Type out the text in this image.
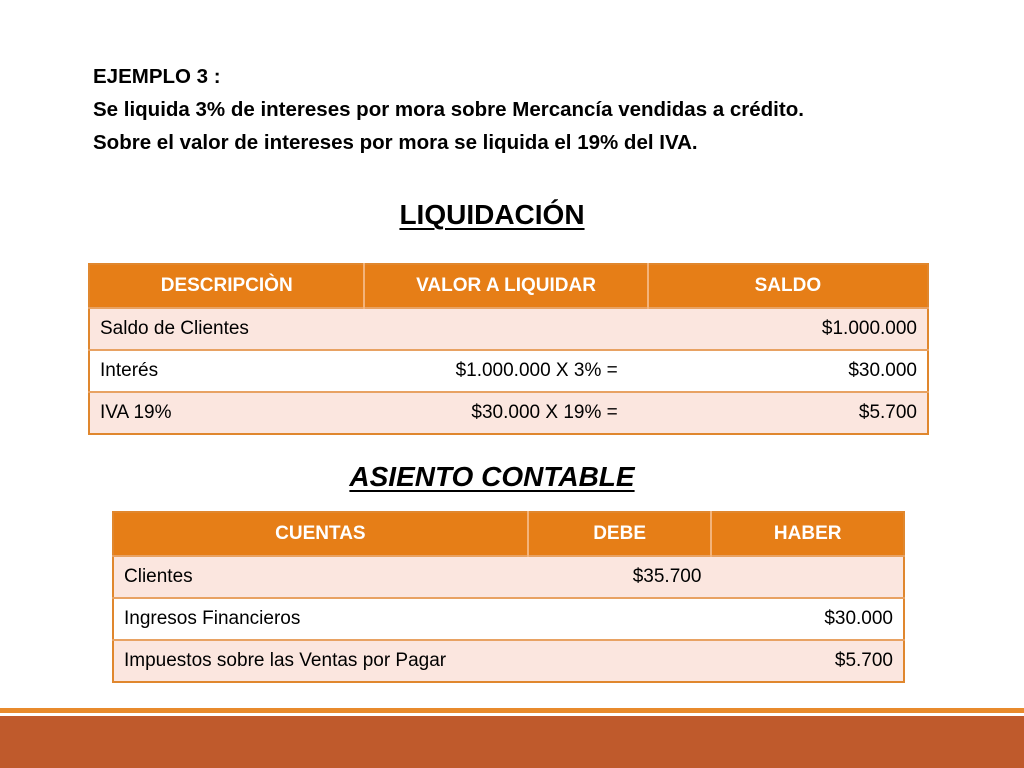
EJEMPLO 3 :
Se liquida 3% de intereses por mora sobre Mercancía vendidas a crédito.
Sobre el valor de intereses por mora se liquida el 19% del IVA.
LIQUIDACIÓN
DESCRIPCIÒN	VALOR A LIQUIDAR	SALDO
Saldo de Clientes		$1.000.000
Interés	$1.000.000 X 3% =	$30.000
IVA 19%	$30.000 X 19% =	$5.700
ASIENTO CONTABLE
CUENTAS	DEBE	HABER
Clientes	$35.700	
Ingresos Financieros		$30.000
Impuestos sobre las Ventas por Pagar		$5.700
